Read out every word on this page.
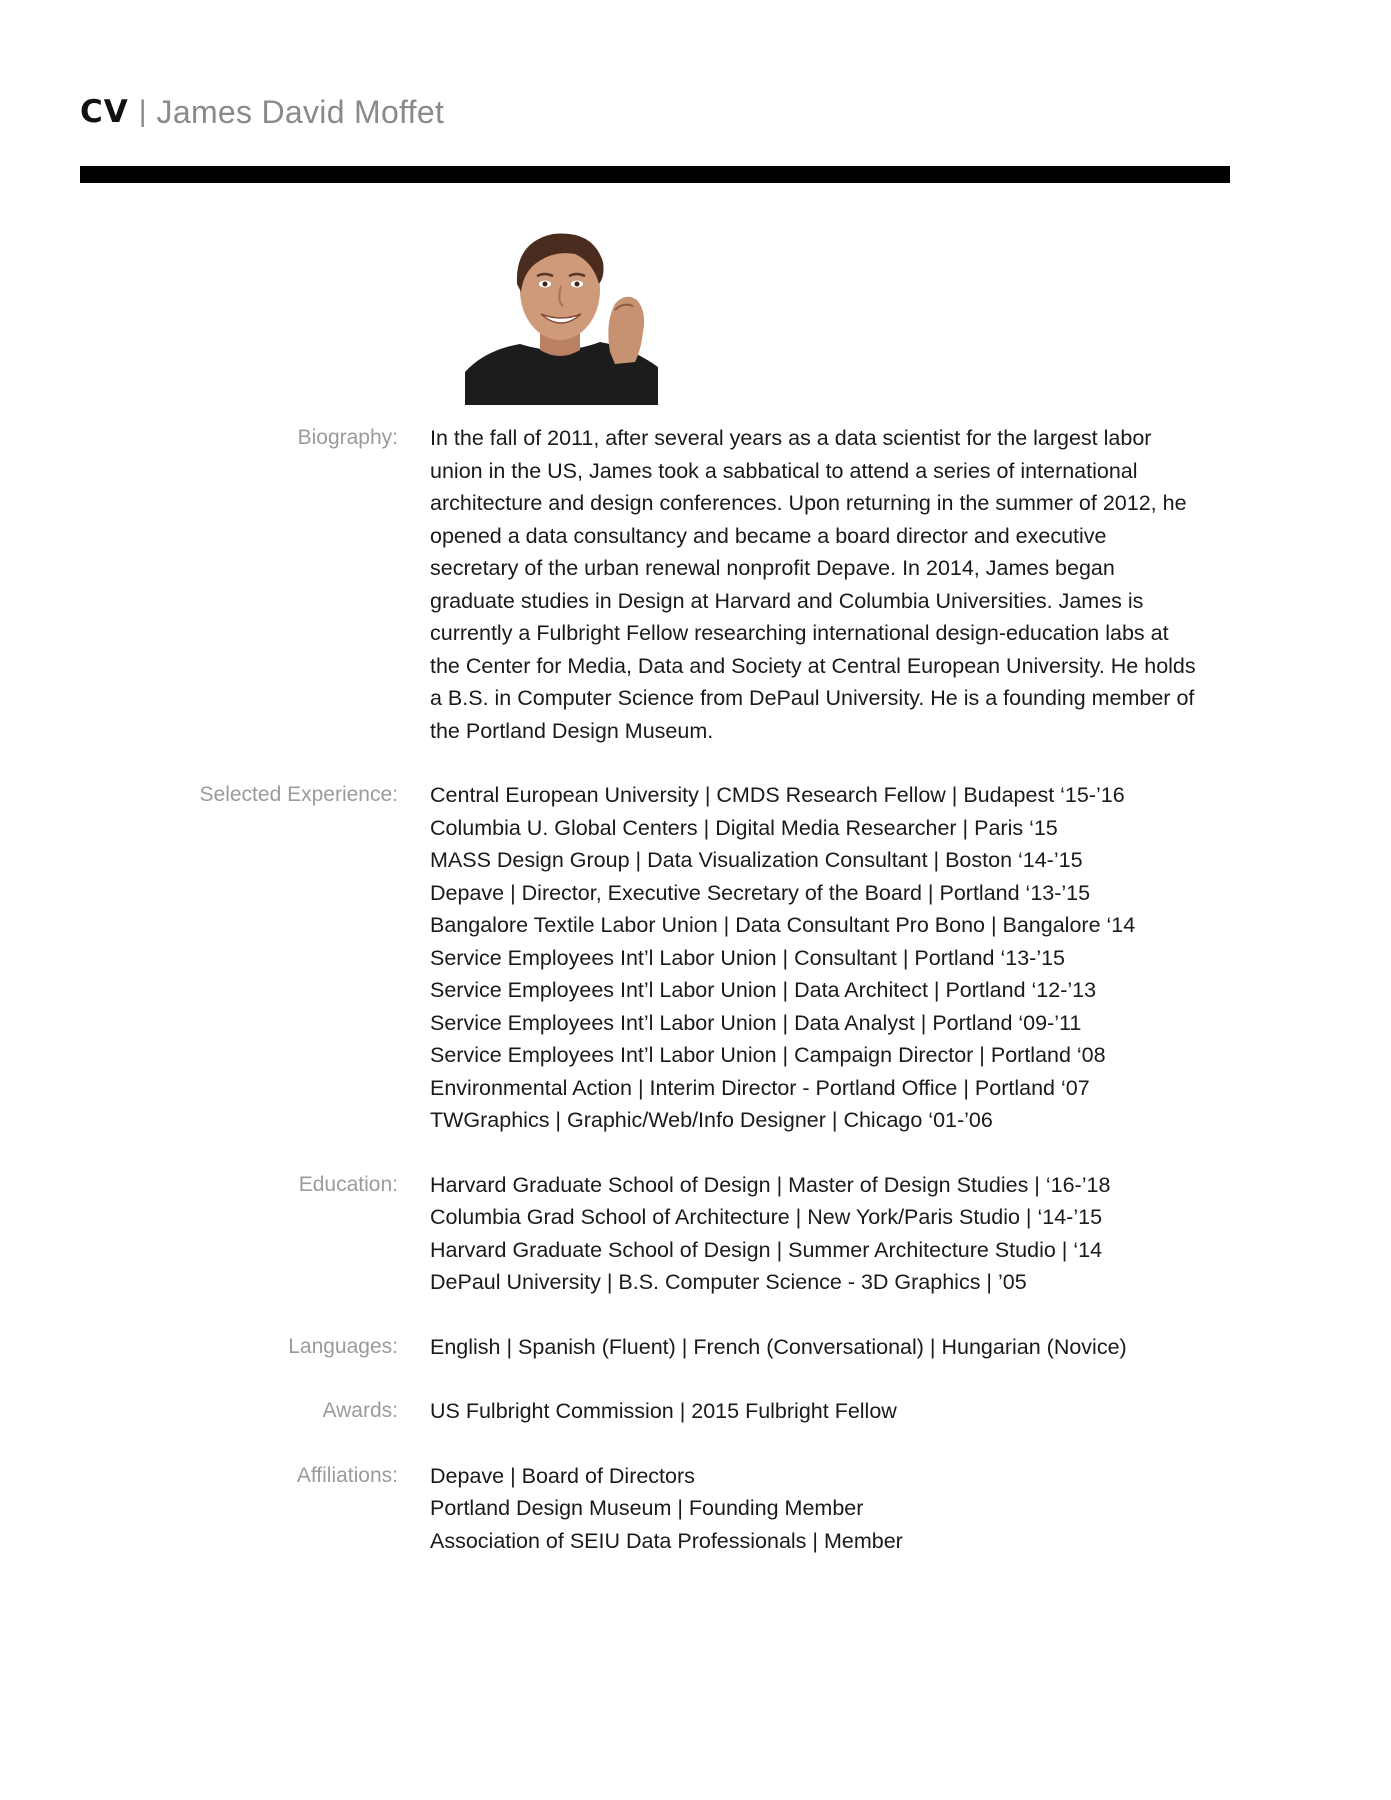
CV | James David Moffet
Biography:	In the fall of 2011, after several years as a data scientist for the largest labor union in the US, James took a sabbatical to attend a series of international architecture and design conferences. Upon returning in the summer of 2012, he opened a data consultancy and became a board director and executive secretary of the urban renewal nonprofit Depave. In 2014, James began graduate studies in Design at Harvard and Columbia Universities. James is currently a Fulbright Fellow researching international design-education labs at the Center for Media, Data and Society at Central European University. He holds a B.S. in Computer Science from DePaul University. He is a founding member of the Portland Design Museum.

Selected Experience:	Central European University | CMDS Research Fellow | Budapest ‘15-’16
Columbia U. Global Centers | Digital Media Researcher | Paris ‘15
MASS Design Group | Data Visualization Consultant | Boston ‘14-’15
Depave | Director, Executive Secretary of the Board | Portland ‘13-’15
Bangalore Textile Labor Union | Data Consultant Pro Bono | Bangalore ‘14
Service Employees Int’l Labor Union | Consultant | Portland ‘13-’15
Service Employees Int’l Labor Union | Data Architect | Portland ‘12-’13
Service Employees Int’l Labor Union | Data Analyst | Portland ‘09-’11
Service Employees Int’l Labor Union | Campaign Director | Portland ‘08
Environmental Action | Interim Director - Portland Office | Portland ‘07
TWGraphics | Graphic/Web/Info Designer | Chicago ‘01-’06
Education:	Harvard Graduate School of Design | Master of Design Studies | ‘16-’18
Columbia Grad School of Architecture | New York/Paris Studio | ‘14-’15
Harvard Graduate School of Design | Summer Architecture Studio | ‘14
DePaul University | B.S. Computer Science - 3D Graphics | ’05
Languages:	English | Spanish (Fluent) | French (Conversational) | Hungarian (Novice)
Awards:	US Fulbright Commission | 2015 Fulbright Fellow
Affiliations:	Depave | Board of Directors
Portland Design Museum | Founding Member
Association of SEIU Data Professionals | Member
